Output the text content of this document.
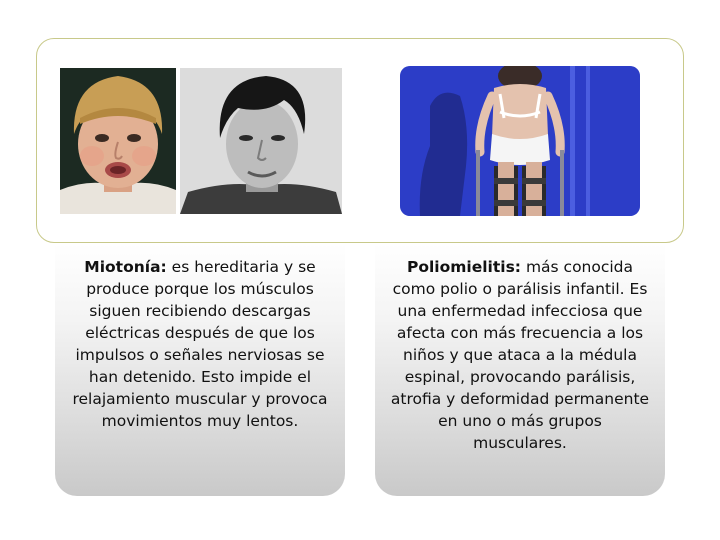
Miotonía: es hereditaria y se produce porque los músculos siguen recibiendo descargas eléctricas después de que los impulsos o señales nerviosas se han detenido. Esto impide el relajamiento muscular y provoca movimientos muy lentos.
Poliomielitis: más conocida como polio o parálisis infantil. Es una enfermedad infecciosa que afecta con más frecuencia a los niños y que ataca a la médula espinal, provocando parálisis, atrofia y deformidad permanente en uno o más grupos musculares.
